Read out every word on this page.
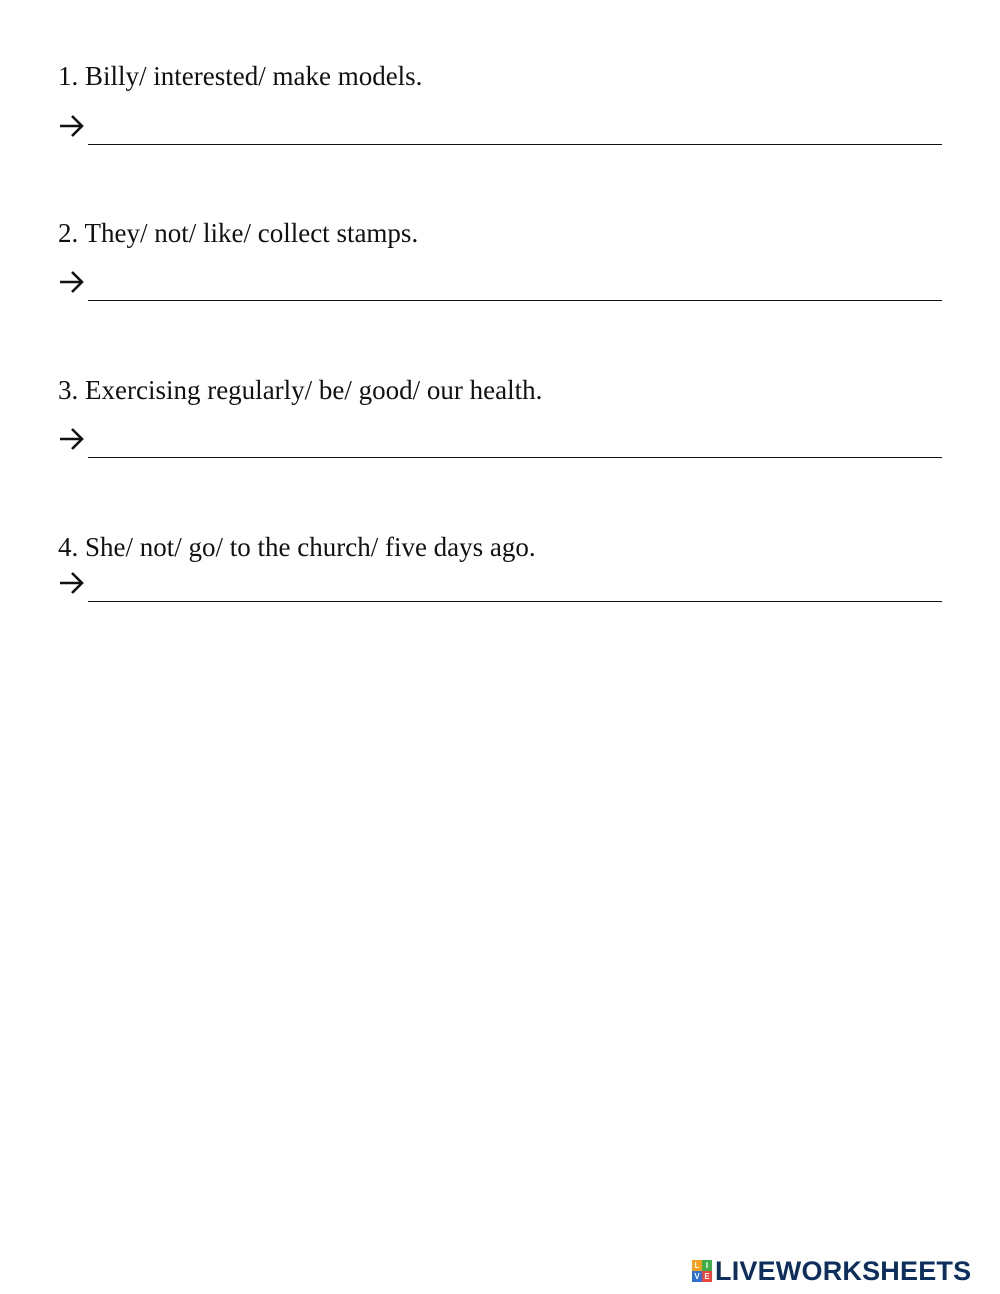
1. Billy/ interested/ make models.
2. They/ not/ like/ collect stamps.
3. Exercising regularly/ be/ good/ our health.
4. She/ not/ go/ to the church/ five days ago.
L I
V E LIVEWORKSHEETS
